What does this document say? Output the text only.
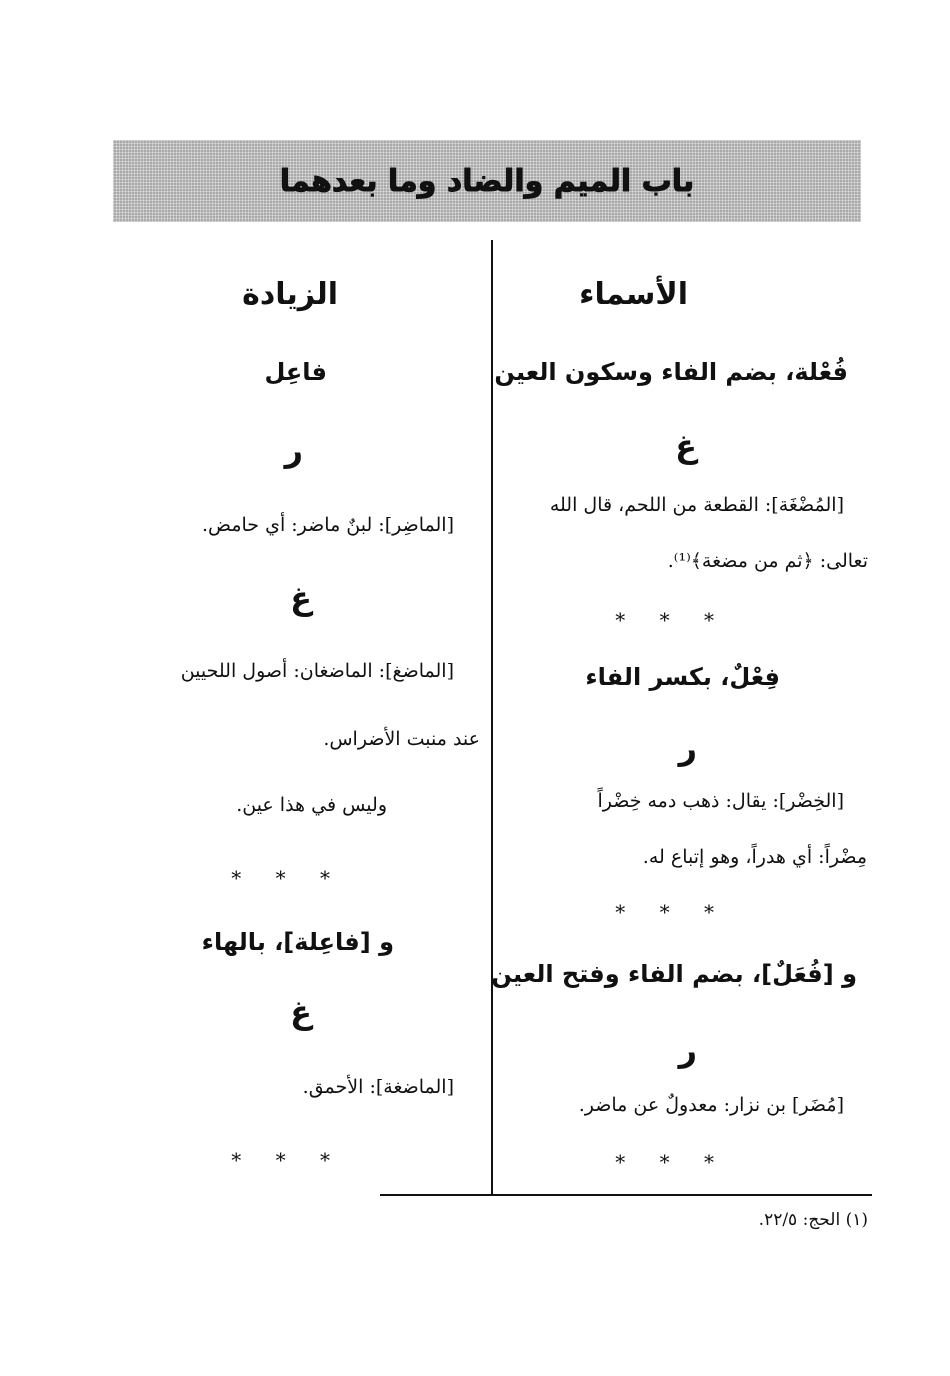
باب الميم والضاد وما بعدهما
الأسماء
فُعْلة، بضم الفاء وسكون العين
غ
[المُضْغَة]: القطعة من اللحم، قال الله
تعالى: ﴿ثم من مضغة﴾⁽¹⁾.
* * *
فِعْلٌ، بكسر الفاء
ر
[الخِضْر]: يقال: ذهب دمه خِضْراً
مِضْراً: أي هدراً، وهو إتباع له.
* * *
و [فُعَلٌ]، بضم الفاء وفتح العين
ر
[مُضَر] بن نزار: معدولٌ عن ماضر.
* * *
الزيادة
فاعِل
ر
[الماضِر]: لبنٌ ماضر: أي حامض.
غ
[الماضغ]: الماضغان: أصول اللحيين
عند منبت الأضراس.
وليس في هذا عين.
* * *
و [فاعِلة]، بالهاء
غ
[الماضغة]: الأحمق.
* * *
(١) الحج: ٢٢/٥.
